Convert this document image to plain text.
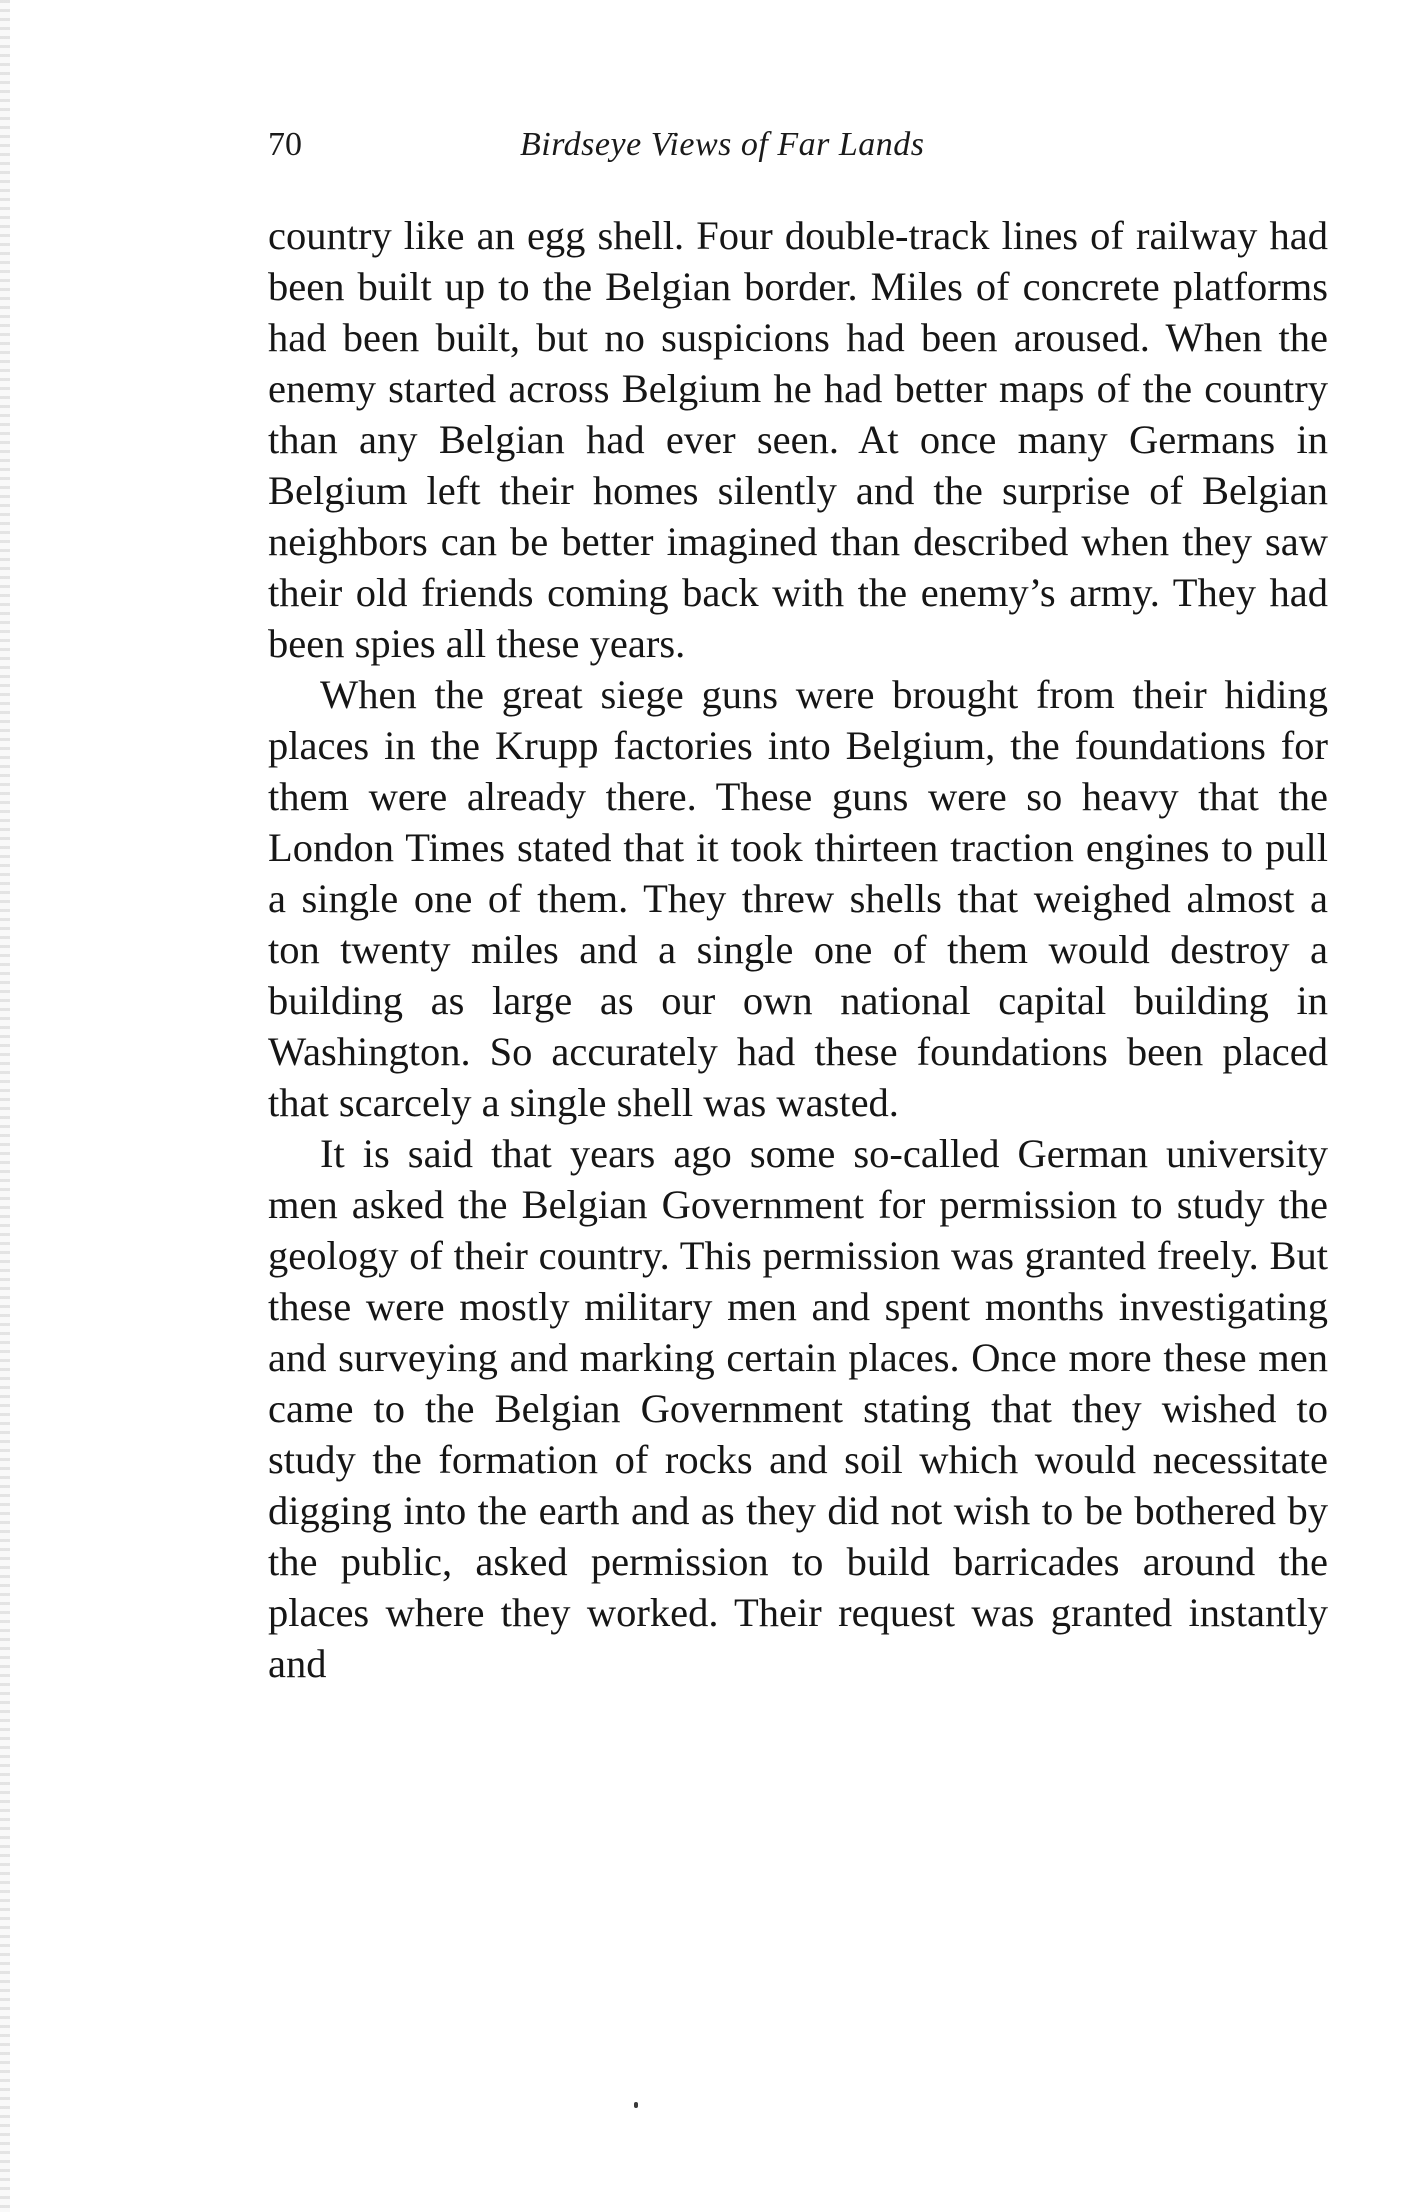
70	Birdseye Views of Far Lands

country like an egg shell. Four double-track lines of railway had been built up to the Belgian border. Miles of concrete platforms had been built, but no suspicions had been aroused. When the enemy started across Belgium he had better maps of the country than any Belgian had ever seen. At once many Germans in Belgium left their homes silently and the surprise of Belgian neighbors can be better imagined than described when they saw their old friends coming back with the enemy’s army. They had been spies all these years.

When the great siege guns were brought from their hiding places in the Krupp factories into Belgium, the foundations for them were already there. These guns were so heavy that the London Times stated that it took thirteen traction engines to pull a single one of them. They threw shells that weighed almost a ton twenty miles and a single one of them would destroy a building as large as our own national capital building in Washington. So accurately had these foundations been placed that scarcely a single shell was wasted.

It is said that years ago some so-called German university men asked the Belgian Government for permission to study the geology of their country. This permission was granted freely. But these were mostly military men and spent months investigating and surveying and marking certain places. Once more these men came to the Belgian Government stating that they wished to study the formation of rocks and soil which would necessitate digging into the earth and as they did not wish to be bothered by the public, asked permission to build barricades around the places where they worked. Their request was granted instantly and
